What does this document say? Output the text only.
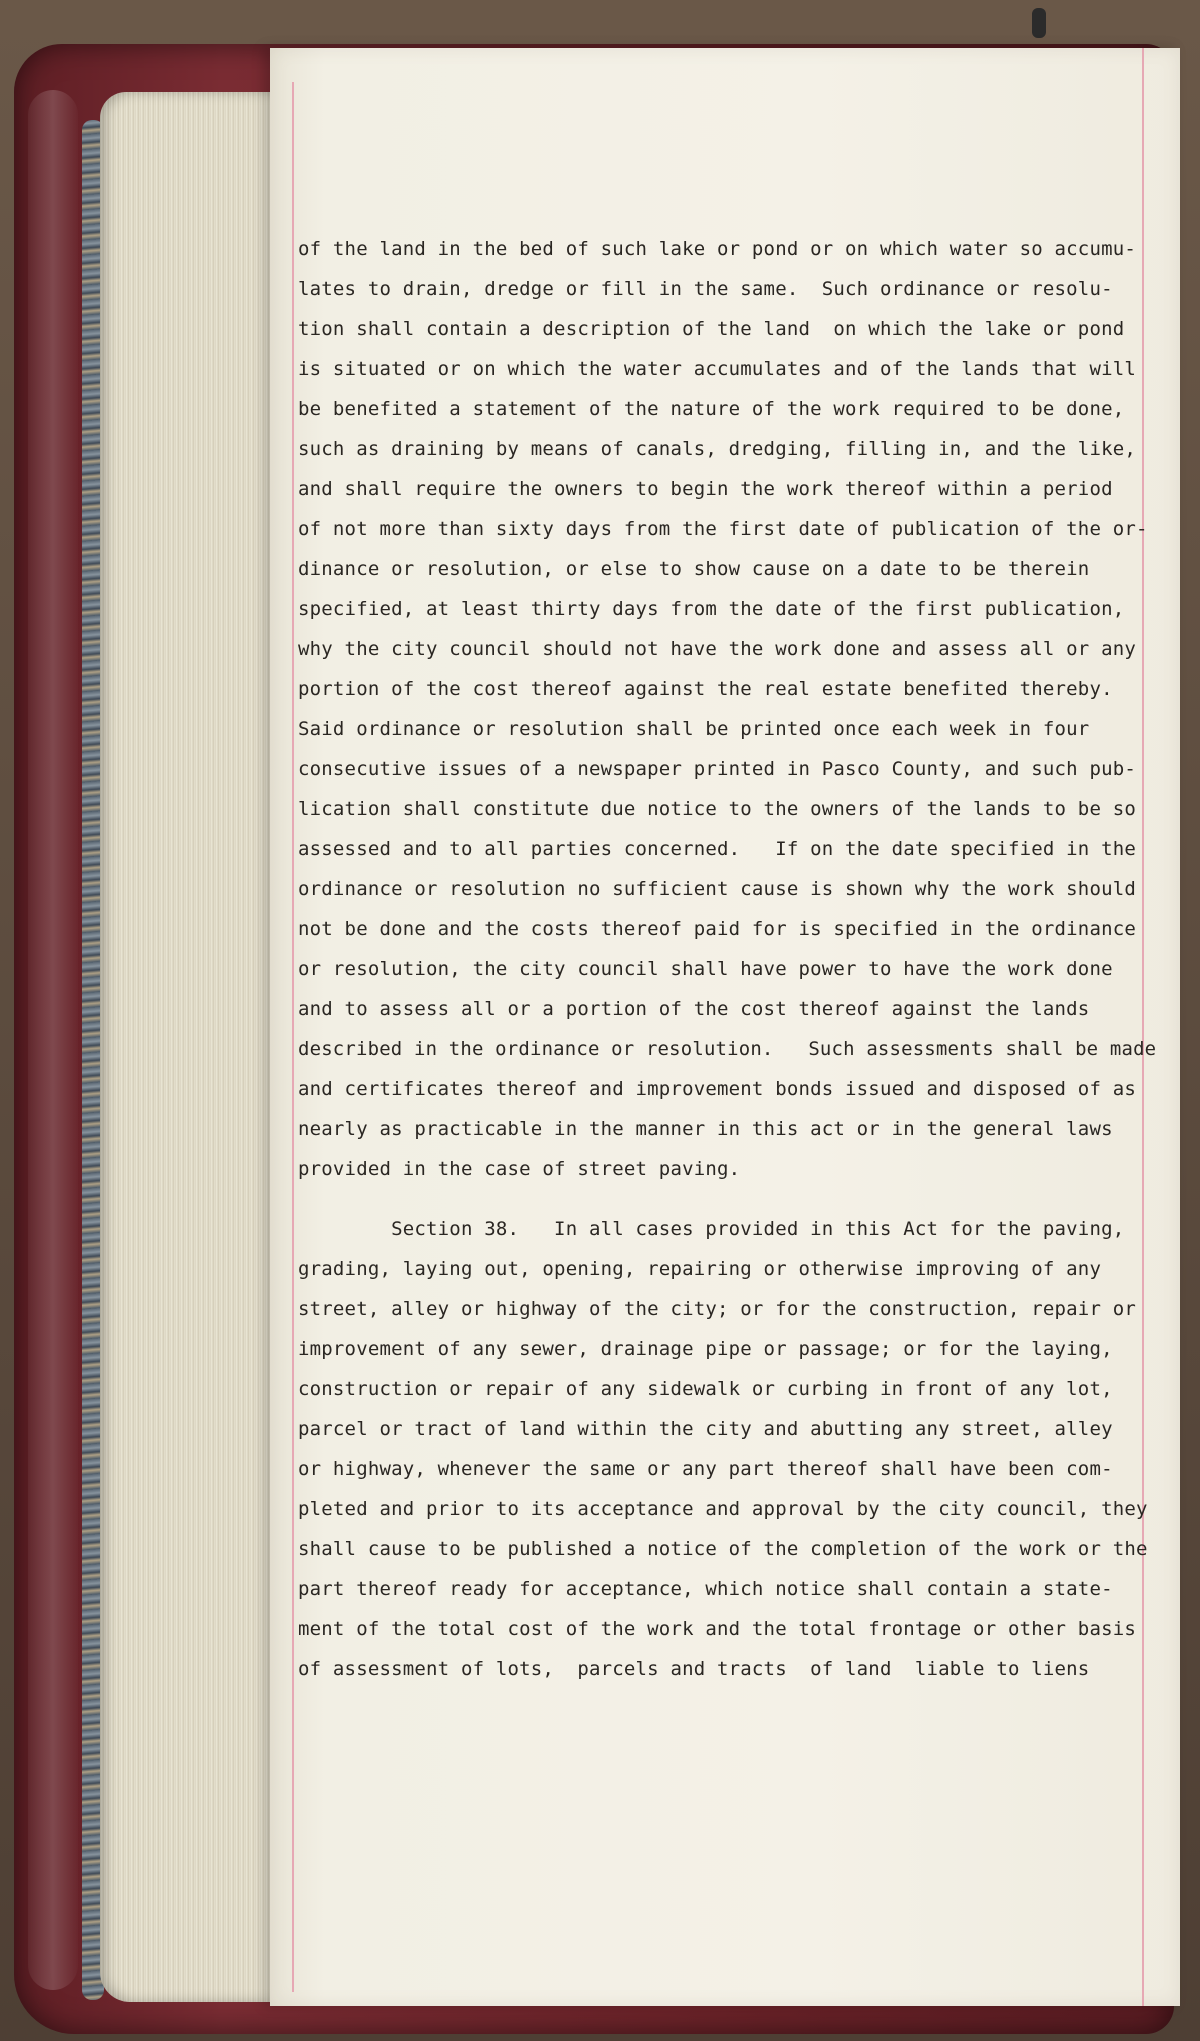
of the land in the bed of such lake or pond or on which water so accumu-
lates to drain, dredge or fill in the same.  Such ordinance or resolu-
tion shall contain a description of the land  on which the lake or pond
is situated or on which the water accumulates and of the lands that will
be benefited a statement of the nature of the work required to be done,
such as draining by means of canals, dredging, filling in, and the like,
and shall require the owners to begin the work thereof within a period
of not more than sixty days from the first date of publication of the or-
dinance or resolution, or else to show cause on a date to be therein
specified, at least thirty days from the date of the first publication,
why the city council should not have the work done and assess all or any
portion of the cost thereof against the real estate benefited thereby.
Said ordinance or resolution shall be printed once each week in four
consecutive issues of a newspaper printed in Pasco County, and such pub-
lication shall constitute due notice to the owners of the lands to be so
assessed and to all parties concerned.   If on the date specified in the
ordinance or resolution no sufficient cause is shown why the work should
not be done and the costs thereof paid for is specified in the ordinance
or resolution, the city council shall have power to have the work done
and to assess all or a portion of the cost thereof against the lands
described in the ordinance or resolution.   Such assessments shall be made
and certificates thereof and improvement bonds issued and disposed of as
nearly as practicable in the manner in this act or in the general laws
provided in the case of street paving.
Section 38.   In all cases provided in this Act for the paving,
grading, laying out, opening, repairing or otherwise improving of any
street, alley or highway of the city; or for the construction, repair or
improvement of any sewer, drainage pipe or passage; or for the laying,
construction or repair of any sidewalk or curbing in front of any lot,
parcel or tract of land within the city and abutting any street, alley
or highway, whenever the same or any part thereof shall have been com-
pleted and prior to its acceptance and approval by the city council, they
shall cause to be published a notice of the completion of the work or the
part thereof ready for acceptance, which notice shall contain a state-
ment of the total cost of the work and the total frontage or other basis
of assessment of lots,  parcels and tracts  of land  liable to liens
